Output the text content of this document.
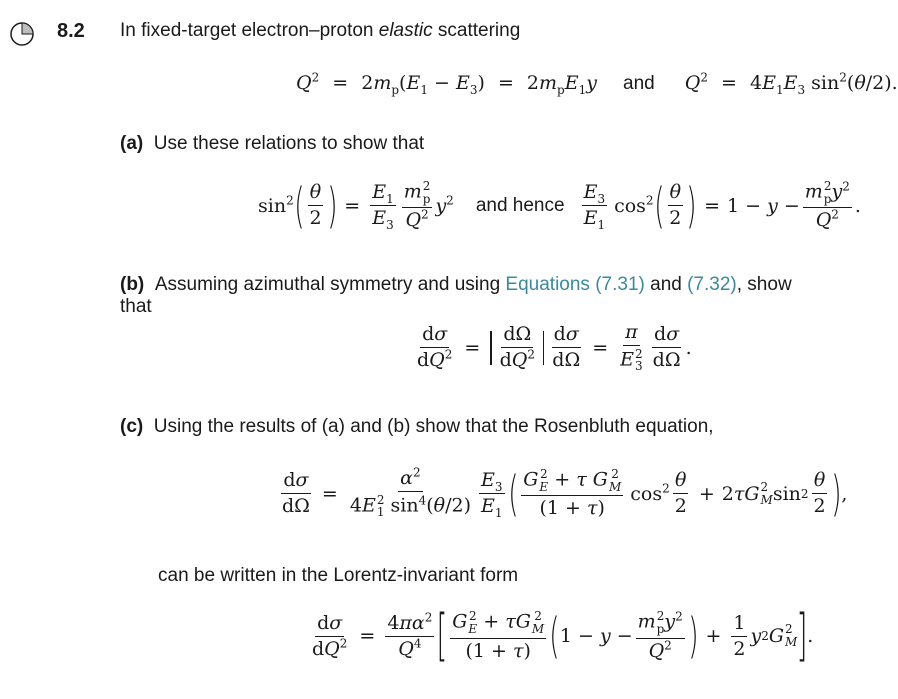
8.2 In fixed-target electron–proton elastic scattering
$Q^2 = 2m_p(E_1 - E_3) = 2m_pE_1y$ and $Q^2 = 4E_1E_3$ $\sin^2(\theta/2)$.
(a) Use these relations to show that
$\sin^2$ ( $\frac{\theta}{2}$ ) = $\frac{E_1}{E_3}$ m 2
p
$Q^2$ $y^2$ and hence $\frac{E_3}{E_1} \cos^2$ ( $\frac{\theta}{2}$ ) = 1 − y − m 2
p $y^2$
$Q^2$ .
(b) Assuming azimuthal symmetry and using Equations (7.31) and (7.32), show that
$\frac{d\sigma}{dQ^2} = \frac{d\Omega}{dQ^2} \frac{d\sigma}{d\Omega} = \pi$
E 2
$3 \frac{d\sigma}{d\Omega}$ .
(c) Using the results of (a) and (b) show that the Rosenbluth equation,
$\frac{d\sigma}{d\Omega} = \alpha^2$
4E 2
1 $\sin^4(\theta/2) \frac{E_3}{E_1}$ ( G 2
E + τ G 2
M
(1 + τ) $\cos^2 \frac{\theta}{2} + 2$ τ G 2
M $\sin 2 \frac{\theta}{2}$ ) ,
can be written in the Lorentz-invariant form
$\frac{d\sigma}{dQ^2} = \frac{4\pi\alpha^2}{Q^4}$ [ G 2
E + τG 2
M
(1 + τ) ( 1 − y − m 2
p $y^2$
$Q^2$ ) + $\frac{1}{2}$ y 2 G 2
M ] .
